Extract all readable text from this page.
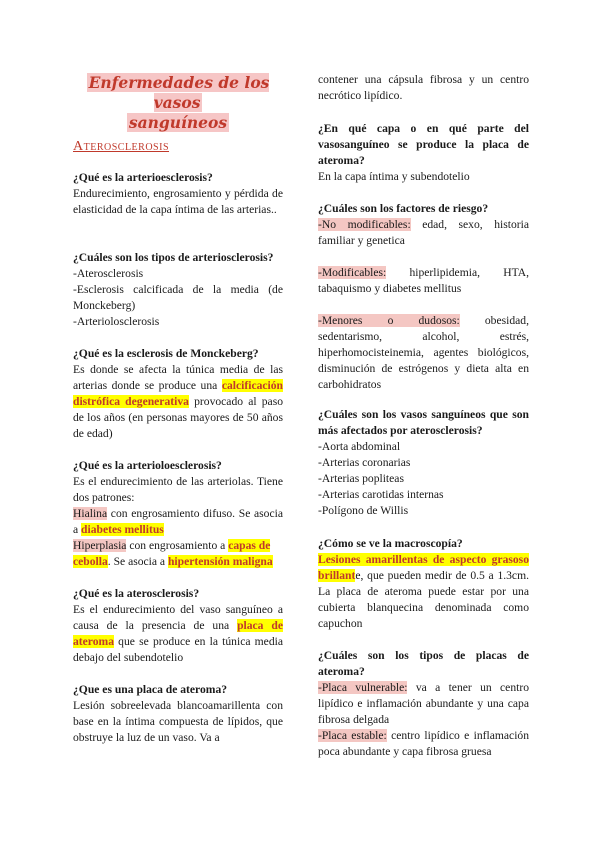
Enfermedades de los vasos
sanguíneos
Aterosclerosis

¿Qué es la arterioesclerosis?

Endurecimiento, engrosamiento y pérdida de elasticidad de la capa íntima de las arterias..

¿Cuáles son los tipos de arteriosclerosis?

-Aterosclerosis

-Esclerosis calcificada de la media (de Monckeberg)

-Arteriolosclerosis

¿Qué es la esclerosis de Monckeberg?

Es donde se afecta la túnica media de las arterias donde se produce una calcificación distrófica degenerativa provocado al paso de los años (en personas mayores de 50 años de edad)

¿Qué es la arterioloesclerosis?

Es el endurecimiento de las arteriolas. Tiene dos patrones:

Hialina con engrosamiento difuso. Se asocia a diabetes mellitus

Hiperplasia con engrosamiento a capas de cebolla. Se asocia a hipertensión maligna

¿Qué es la aterosclerosis?

Es el endurecimiento del vaso sanguíneo a causa de la presencia de una placa de ateroma que se produce en la túnica media debajo del subendotelio

¿Que es una placa de ateroma?

Lesión sobreelevada blancoamarillenta con base en la íntima compuesta de lípidos, que obstruye la luz de un vaso. Va a

contener una cápsula fibrosa y un centro necrótico lipídico.

¿En qué capa o en qué parte del vasosanguíneo se produce la placa de ateroma?

En la capa íntima y subendotelio

¿Cuáles son los factores de riesgo?

-No modificables: edad, sexo, historia familiar y genetica

-Modificables: hiperlipidemia, HTA, tabaquismo y diabetes mellitus

-Menores o dudosos: obesidad, sedentarismo, alcohol, estrés, hiperhomocisteinemia, agentes biológicos, disminución de estrógenos y dieta alta en carbohidratos

¿Cuáles son los vasos sanguíneos que son más afectados por aterosclerosis?

-Aorta abdominal

-Arterias coronarias

-Arterias popliteas

-Arterias carotidas internas

-Polígono de Willis

¿Cómo se ve la macroscopía?

Lesiones amarillentas de aspecto grasoso brillante, que pueden medir de 0.5 a 1.3cm. La placa de ateroma puede estar por una cubierta blanquecina denominada como capuchon

¿Cuáles son los tipos de placas de ateroma?

-Placa vulnerable: va a tener un centro lipídico e inflamación abundante y una capa fibrosa delgada

-Placa estable: centro lipídico e inflamación poca abundante y capa fibrosa gruesa
